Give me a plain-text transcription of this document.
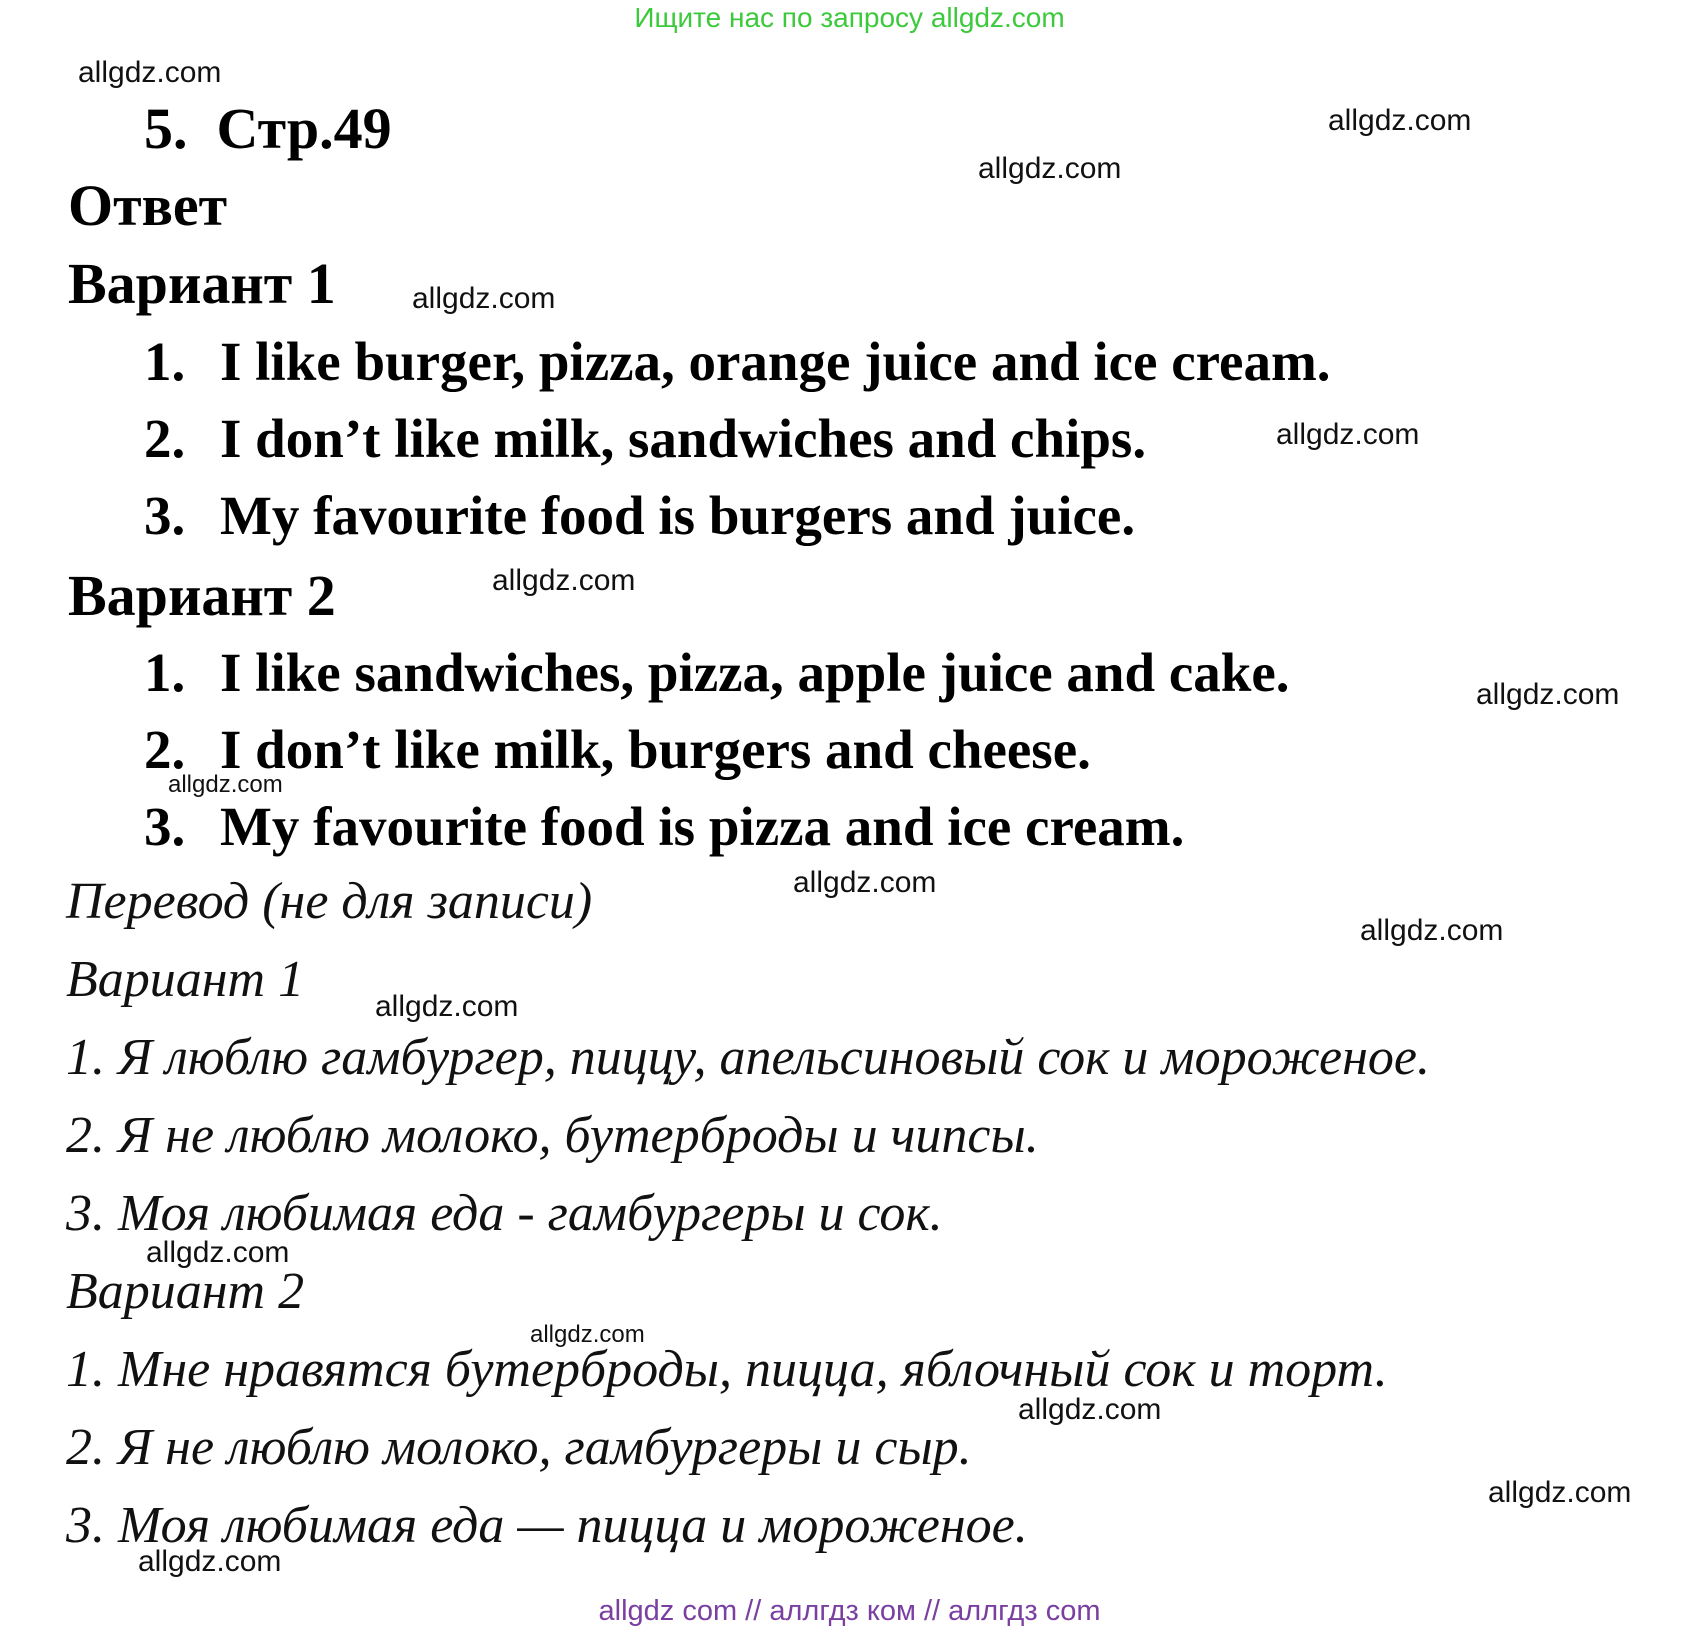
Ищите нас по запросу allgdz.com
5. Стр.49
Ответ
Вариант 1
1. I like burger, pizza, orange juice and ice cream.
2. I don’t like milk, sandwiches and chips.
3. My favourite food is burgers and juice.
Вариант 2
1. I like sandwiches, pizza, apple juice and cake.
2. I don’t like milk, burgers and cheese.
3. My favourite food is pizza and ice cream.
Перевод (не для записи)
Вариант 1
1. Я люблю гамбургер, пиццу, апельсиновый сок и мороженое.
2. Я не люблю молоко, бутерброды и чипсы.
3. Моя любимая еда - гамбургеры и сок.
Вариант 2
1. Мне нравятся бутерброды, пицца, яблочный сок и торт.
2. Я не люблю молоко, гамбургеры и сыр.
3. Моя любимая еда — пицца и мороженое.
allgdz.com
allgdz.com
allgdz.com
allgdz.com
allgdz.com
allgdz.com
allgdz.com
allgdz.com
allgdz.com
allgdz.com
allgdz.com
allgdz.com
allgdz.com
allgdz.com
allgdz.com
allgdz.com
allgdz com // аллгдз ком // аллгдз com
